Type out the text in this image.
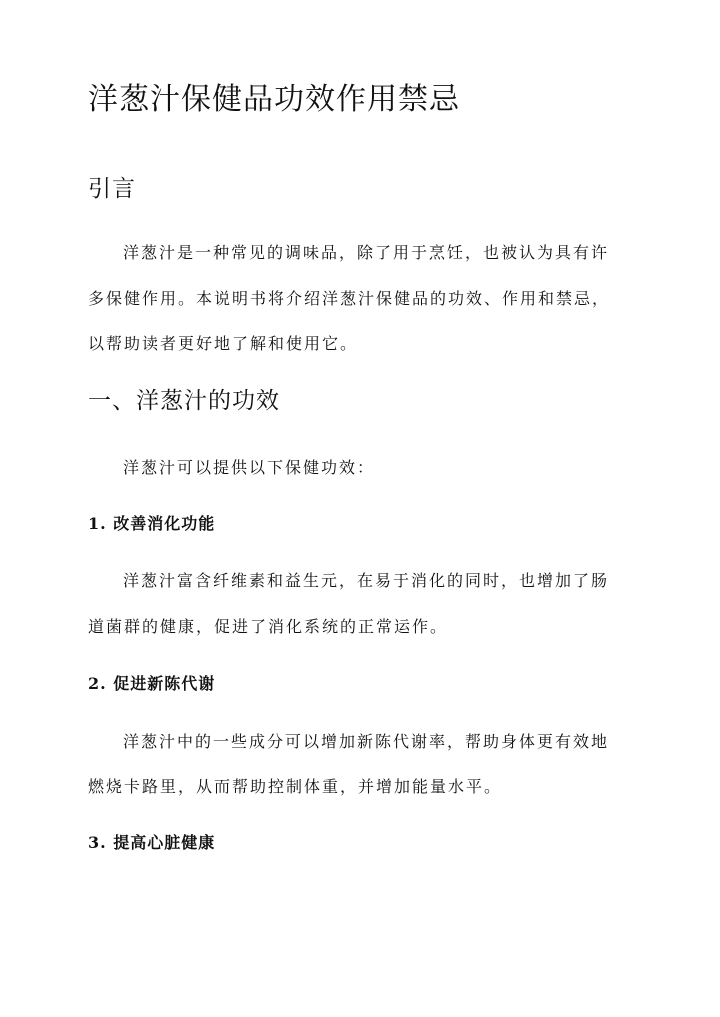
洋葱汁保健品功效作用禁忌
引言

洋葱汁是一种常见的调味品，除了用于烹饪，也被认为具有许

多保健作用。本说明书将介绍洋葱汁保健品的功效、作用和禁忌，

以帮助读者更好地了解和使用它。

一、洋葱汁的功效

洋葱汁可以提供以下保健功效：

1. 改善消化功能

洋葱汁富含纤维素和益生元，在易于消化的同时，也增加了肠

道菌群的健康，促进了消化系统的正常运作。

2. 促进新陈代谢

洋葱汁中的一些成分可以增加新陈代谢率，帮助身体更有效地

燃烧卡路里，从而帮助控制体重，并增加能量水平。

3. 提高心脏健康
